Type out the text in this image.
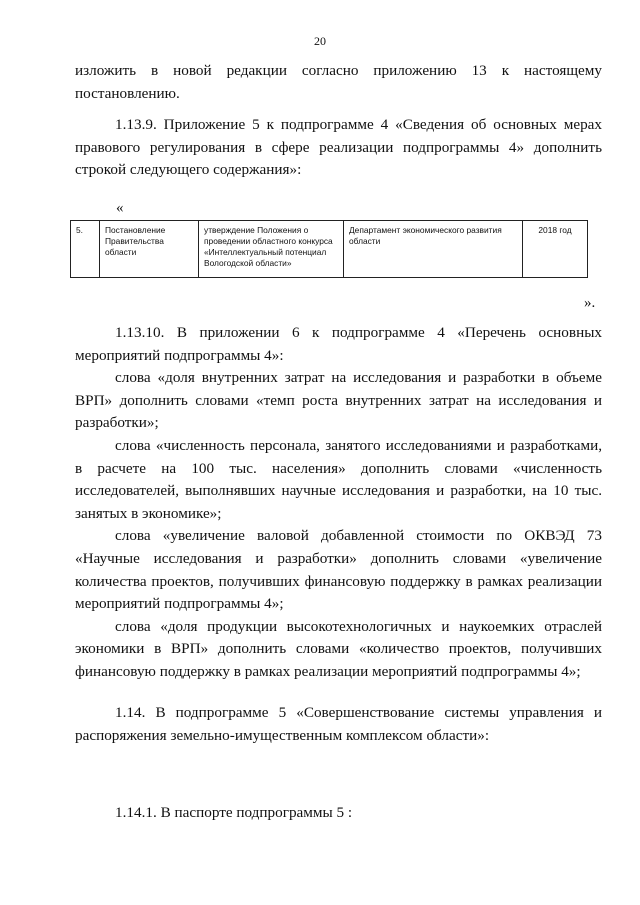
20

изложить в новой редакции согласно приложению 13 к настоящему постановлению.

1.13.9. Приложение 5 к подпрограмме 4 «Сведения об основных мерах правового регулирования в сфере реализации подпрограммы 4» дополнить строкой следующего содержания»:

«
5.	Постановление Правительства области	утверждение Положения о проведении областного конкурса «Интеллектуальный потенциал Вологодской области»	Департамент экономического развития области	2018 год
».

1.13.10. В приложении 6 к подпрограмме 4 «Перечень основных мероприятий подпрограммы 4»:

слова «доля внутренних затрат на исследования и разработки в объеме ВРП» дополнить словами «темп роста внутренних затрат на исследования и разработки»;

слова «численность персонала, занятого исследованиями и разработками, в расчете на 100 тыс. населения» дополнить словами «численность исследователей, выполнявших научные исследования и разработки, на 10 тыс. занятых в экономике»;

слова «увеличение валовой добавленной стоимости по ОКВЭД 73 «Научные исследования и разработки» дополнить словами «увеличение количества проектов, получивших финансовую поддержку в рамках реализации мероприятий подпрограммы 4»;

слова «доля продукции высокотехнологичных и наукоемких отраслей экономики в ВРП» дополнить словами «количество проектов, получивших финансовую поддержку в рамках реализации мероприятий подпрограммы 4»;

1.14. В подпрограмме 5 «Совершенствование системы управления и распоряжения земельно-имущественным комплексом области»:

1.14.1. В паспорте подпрограммы 5 :
